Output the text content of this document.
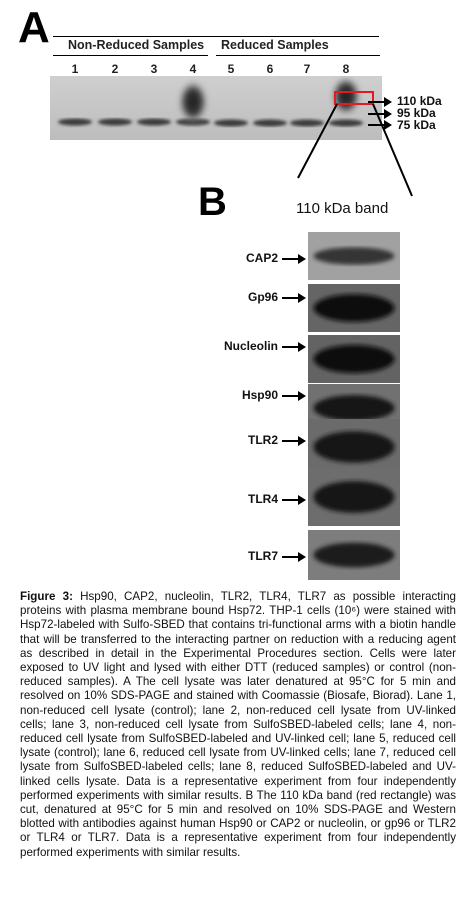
A Non-Reduced Samples Reduced Samples
1	2	3	4	5	6	7	8
110 kDa
95 kDa
75 kDa
B	110 kDa band
CAP2
Gp96
Nucleolin
Hsp90
TLR2
TLR4
TLR7
Figure 3: Hsp90, CAP2, nucleolin, TLR2, TLR4, TLR7 as possible interacting proteins with plasma membrane bound Hsp72. THP-1 cells (10⁶) were stained with Hsp72-labeled with Sulfo-SBED that contains tri-functional arms with a biotin handle that will be transferred to the interacting partner on reduction with a reducing agent as described in detail in the Experimental Procedures section. Cells were later exposed to UV light and lysed with either DTT (reduced samples) or control (non-reduced samples). A The cell lysate was later denatured at 95°C for 5 min and resolved on 10% SDS-PAGE and stained with Coomassie (Biosafe, Biorad). Lane 1, non-reduced cell lysate (control); lane 2, non-reduced cell lysate from UV-linked cells; lane 3, non-reduced cell lysate from SulfoSBED-labeled cells; lane 4, non-reduced cell lysate from SulfoSBED-labeled and UV-linked cell; lane 5, reduced cell lysate (control); lane 6, reduced cell lysate from UV-linked cells; lane 7, reduced cell lysate from SulfoSBED-labeled cells; lane 8, reduced SulfoSBED-labeled and UV-linked cells lysate. Data is a representative experiment from four independently performed experiments with similar results. B The 110 kDa band (red rectangle) was cut, denatured at 95°C for 5 min and resolved on 10% SDS-PAGE and Western blotted with antibodies against human Hsp90 or CAP2 or nucleolin, or gp96 or TLR2 or TLR4 or TLR7. Data is a representative experiment from four independently performed experiments with similar results.
